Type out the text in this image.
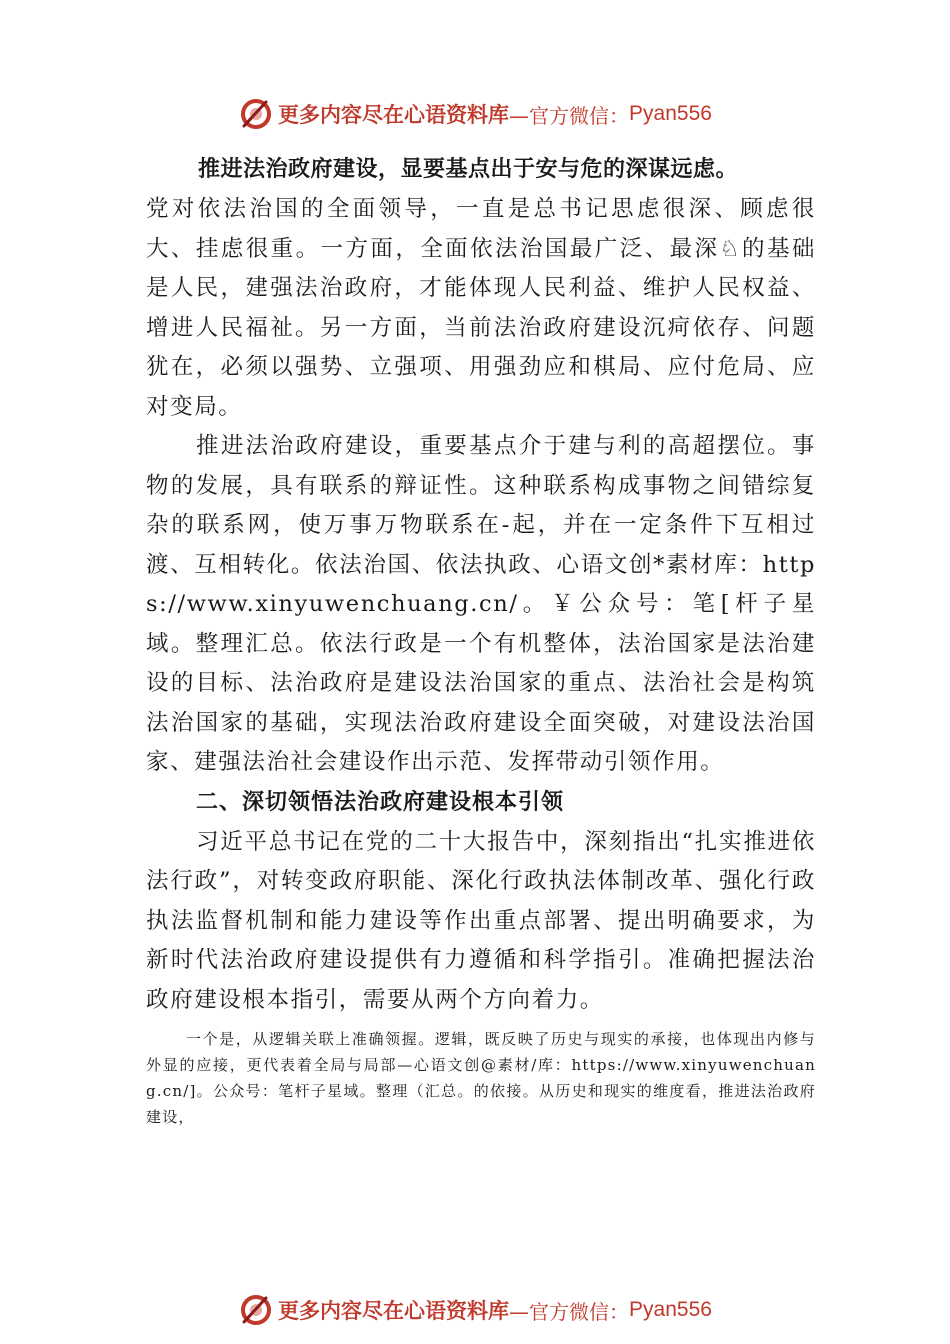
更多内容尽在心语资料库 —官方微信： Pyan556
推进法治政府建设，显要基点出于安与危的深谋远虑。

党对依法治国的全面领导，一直是总书记思虑很深、顾虑很大、挂虑很重。一方面，全面依法治国最广泛、最深♘的基础是人民，建强法治政府，才能体现人民利益、维护人民权益、增进人民福祉。另一方面，当前法治政府建设沉疴依存、问题犹在，必须以强势、立强项、用强劲应和棋局、应付危局、应对变局。

推进法治政府建设，重要基点介于建与利的高超摆位。事物的发展，具有联系的辩证性。这种联系构成事物之间错综复杂的联系网，使万事万物联系在-起，并在一定条件下互相过渡、互相转化。依法治国、依法执政、心语文创*素材库：https://www.xinyuwenchuang.cn/。￥公众号：笔[杆子星域。整理汇总。依法行政是一个有机整体，法治国家是法治建设的目标、法治政府是建设法治国家的重点、法治社会是构筑法治国家的基础，实现法治政府建设全面突破，对建设法治国家、建强法治社会建设作出示范、发挥带动引领作用。

二、深切领悟法治政府建设根本引领

习近平总书记在党的二十大报告中，深刻指出“扎实推进依法行政”，对转变政府职能、深化行政执法体制改革、强化行政执法监督机制和能力建设等作出重点部署、提出明确要求，为新时代法治政府建设提供有力遵循和科学指引。准确把握法治政府建设根本指引，需要从两个方向着力。

一个是，从逻辑关联上准确领握。逻辑，既反映了历史与现实的承接，也体现出内修与外显的应接，更代表着全局与局部—心语文创@素材/库：https://www.xinyuwenchuang.cn/]。公众号：笔杆子星域。整理（汇总。的依接。从历史和现实的维度看，推进法治政府建设，
更多内容尽在心语资料库 —官方微信： Pyan556
